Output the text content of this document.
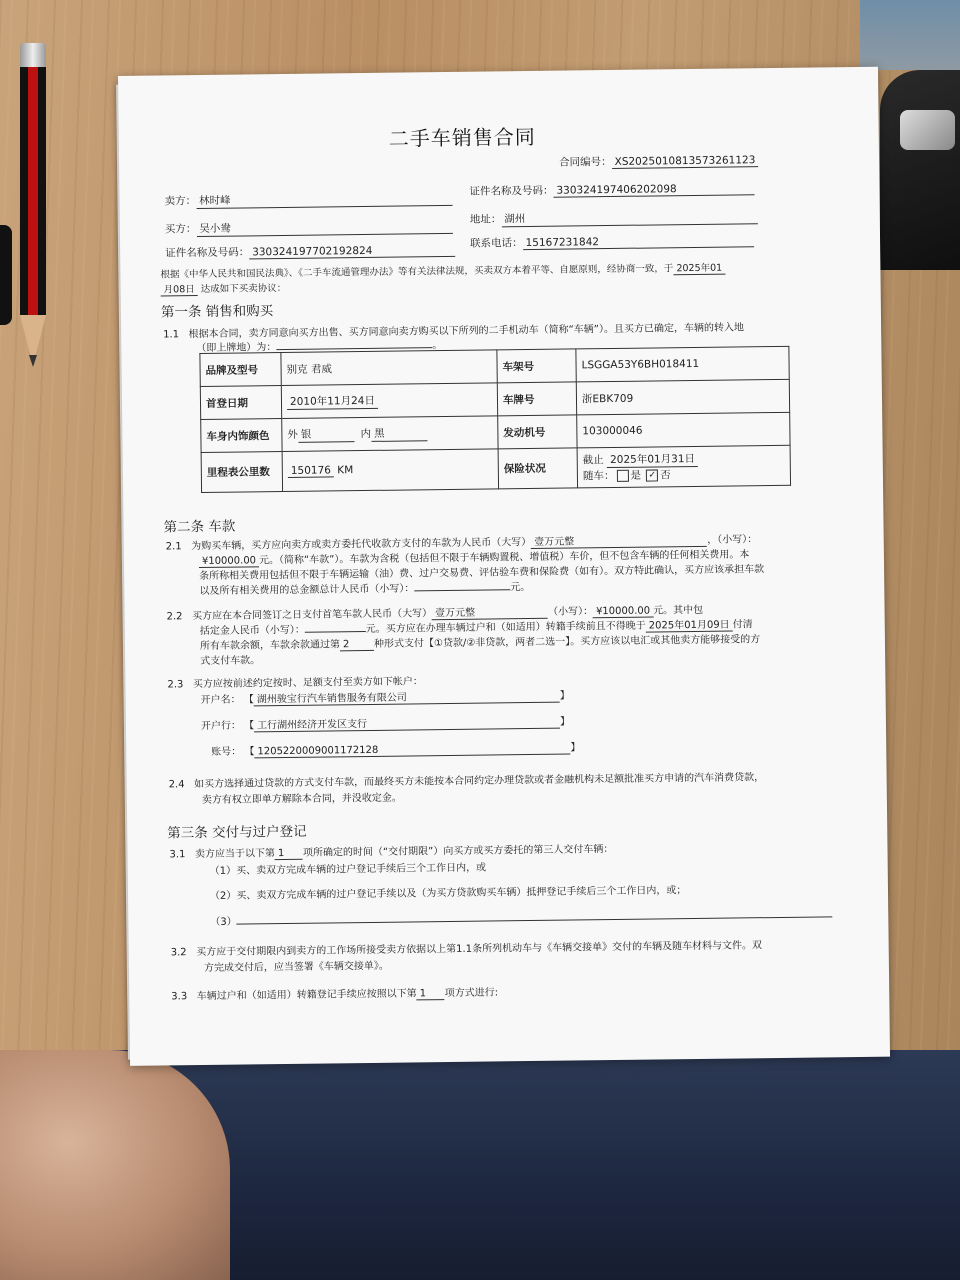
二手车销售合同
合同编号： XS2025010813573261123
卖方： 林时峰
证件名称及号码： 330324197406202098
买方： 吴小鸯
地址： 湖州
证件名称及号码： 330324197702192824
联系电话： 15167231842
根据《中华人民共和国民法典》、《二手车流通管理办法》等有关法律法规，买卖双方本着平等、自愿原则，经协商一致，于 2025年01
月08日 达成如下买卖协议：
第一条 销售和购买
1.1 根据本合同，卖方同意向买方出售、买方同意向卖方购买以下所列的二手机动车（简称“车辆”）。且买方已确定，车辆的转入地
（即上牌地）为：	。
品牌及型号	别克 君威	车架号	LSGGA53Y6BH018411
首登日期	2010年11月24日	车牌号	浙EBK709
车身内饰颜色	外 银 内 黑	发动机号	103000046
里程表公里数	150176 KM	保险状况	截止 2025年01月31日
随车： 是 ✓ 否
第二条 车款
2.1 为购买车辆，买方应向卖方或卖方委托代收款方支付的车款为人民币（大写） 壹万元整	，（小写）：
¥10000.00 元。（简称“车款”）。车款为含税（包括但不限于车辆购置税、增值税）车价，但不包含车辆的任何相关费用。本
条所称相关费用包括但不限于车辆运输（油）费、过户交易费、评估验车费和保险费（如有）。双方特此确认，买方应该承担车款
以及所有相关费用的总金额总计人民币（小写）：	元。
2.2 买方应在本合同签订之日支付首笔车款人民币（大写） 壹万元整	（小写）： ¥10000.00 元。其中包
括定金人民币（小写）：	元。买方应在办理车辆过户和（如适用）转籍手续前且不得晚于 2025年01月09日 付清
所有车款余额，车款余款通过第 2 种形式支付【①贷款/②非贷款，两者二选一】。买方应该以电汇或其他卖方能够接受的方
式支付车款。
2.3 买方应按前述约定按时、足额支付至卖方如下帐户：
开户名： 【 湖州骏宝行汽车销售服务有限公司	】
开户行： 【 工行湖州经济开发区支行	】
账号： 【 1205220009001172128	】
2.4 如买方选择通过贷款的方式支付车款，而最终买方未能按本合同约定办理贷款或者金融机构未足额批准买方申请的汽车消费贷款，
卖方有权立即单方解除本合同，并没收定金。
第三条 交付与过户登记
3.1 卖方应当于以下第 1 项所确定的时间（“交付期限”）向买方或买方委托的第三人交付车辆：
（1）买、卖双方完成车辆的过户登记手续后三个工作日内，或
（2）买、卖双方完成车辆的过户登记手续以及（为买方贷款购买车辆）抵押登记手续后三个工作日内，或；
（3）
3.2 买方应于交付期限内到卖方的工作场所接受卖方依据以上第1.1条所列机动车与《车辆交接单》交付的车辆及随车材料与文件。双
方完成交付后，应当签署《车辆交接单》。
3.3 车辆过户和（如适用）转籍登记手续应按照以下第 1 项方式进行:
